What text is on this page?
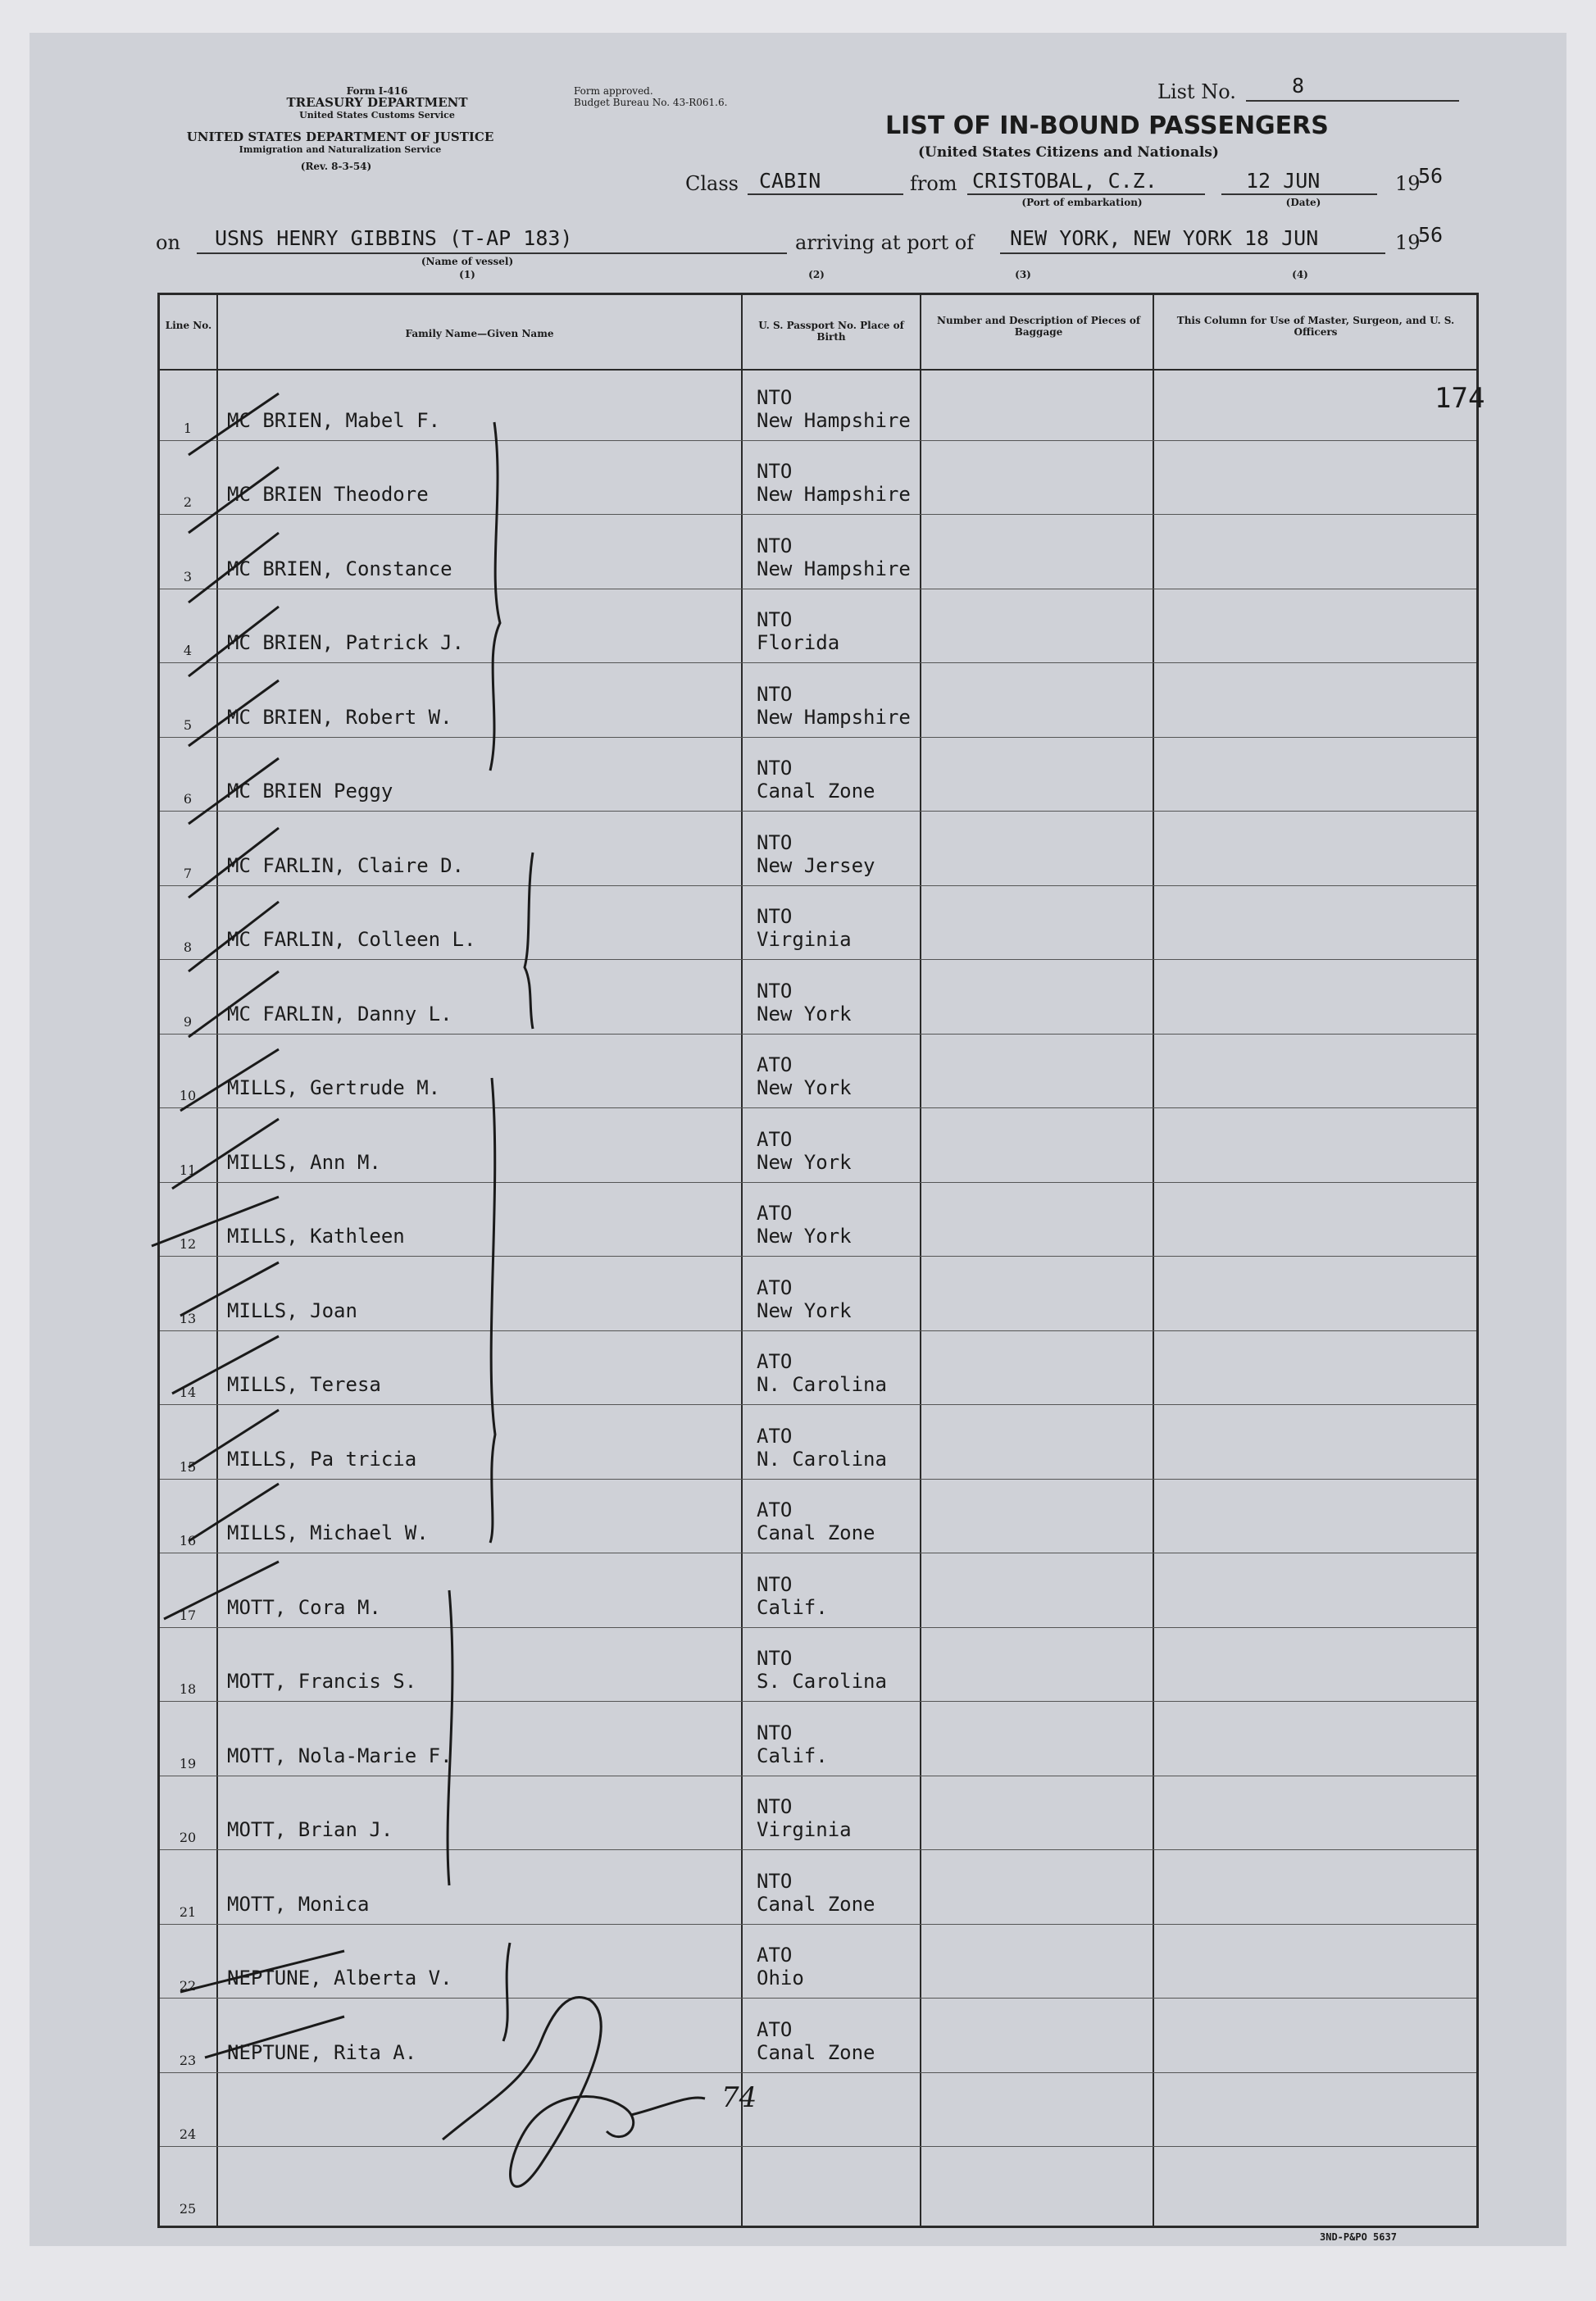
Form I-416
TREASURY DEPARTMENT
United States Customs Service
UNITED STATES DEPARTMENT OF JUSTICE
Immigration and Naturalization Service
(Rev. 8-3-54)
Form approved.
Budget Bureau No. 43-R061.6.	List No.	8
LIST OF IN-BOUND PASSENGERS
(United States Citizens and Nationals)
Class CABIN	from CRISTOBAL, C.Z.
(Port of embarkation)
12 JUN
(Date)
19
56
on USNS HENRY GIBBINS (T-AP 183)
(Name of vessel)
(1)
arriving at port of NEW YORK, NEW YORK 18 JUN	19
56
(2)	(3)	(4)
Line No.
Family Name—Given Name
U. S. Passport No. Place of Birth
Number and Description of Pieces of Baggage
This Column for Use of Master, Surgeon, and U. S. Officers
174
1	MC BRIEN, Mabel F.
NTO
New Hampshire
2	MC BRIEN Theodore
NTO
New Hampshire
3	MC BRIEN, Constance
NTO
New Hampshire
4	MC BRIEN, Patrick J.
NTO
Florida
5	MC BRIEN, Robert W.
NTO
New Hampshire
6	MC BRIEN Peggy
NTO
Canal Zone
7	MC FARLIN, Claire D.
NTO
New Jersey
8	MC FARLIN, Colleen L.
NTO
Virginia
9	MC FARLIN, Danny L.
NTO
New York
10	MILLS, Gertrude M.
ATO
New York
11	MILLS, Ann M.
ATO
New York
12	MILLS, Kathleen
ATO
New York
13	MILLS, Joan
ATO
New York
14	MILLS, Teresa
ATO
N. Carolina
15	MILLS, Pa tricia
ATO
N. Carolina
16	MILLS, Michael W.
ATO
Canal Zone
17	MOTT, Cora M.
NTO
Calif.
18	MOTT, Francis S.
NTO
S. Carolina
19	MOTT, Nola-Marie F.
NTO
Calif.
20	MOTT, Brian J.
NTO
Virginia
21	MOTT, Monica
NTO
Canal Zone
22	NEPTUNE, Alberta V.
ATO
Ohio
23	NEPTUNE, Rita A.
ATO
Canal Zone
24
25
74
3ND-P&PO 5637
